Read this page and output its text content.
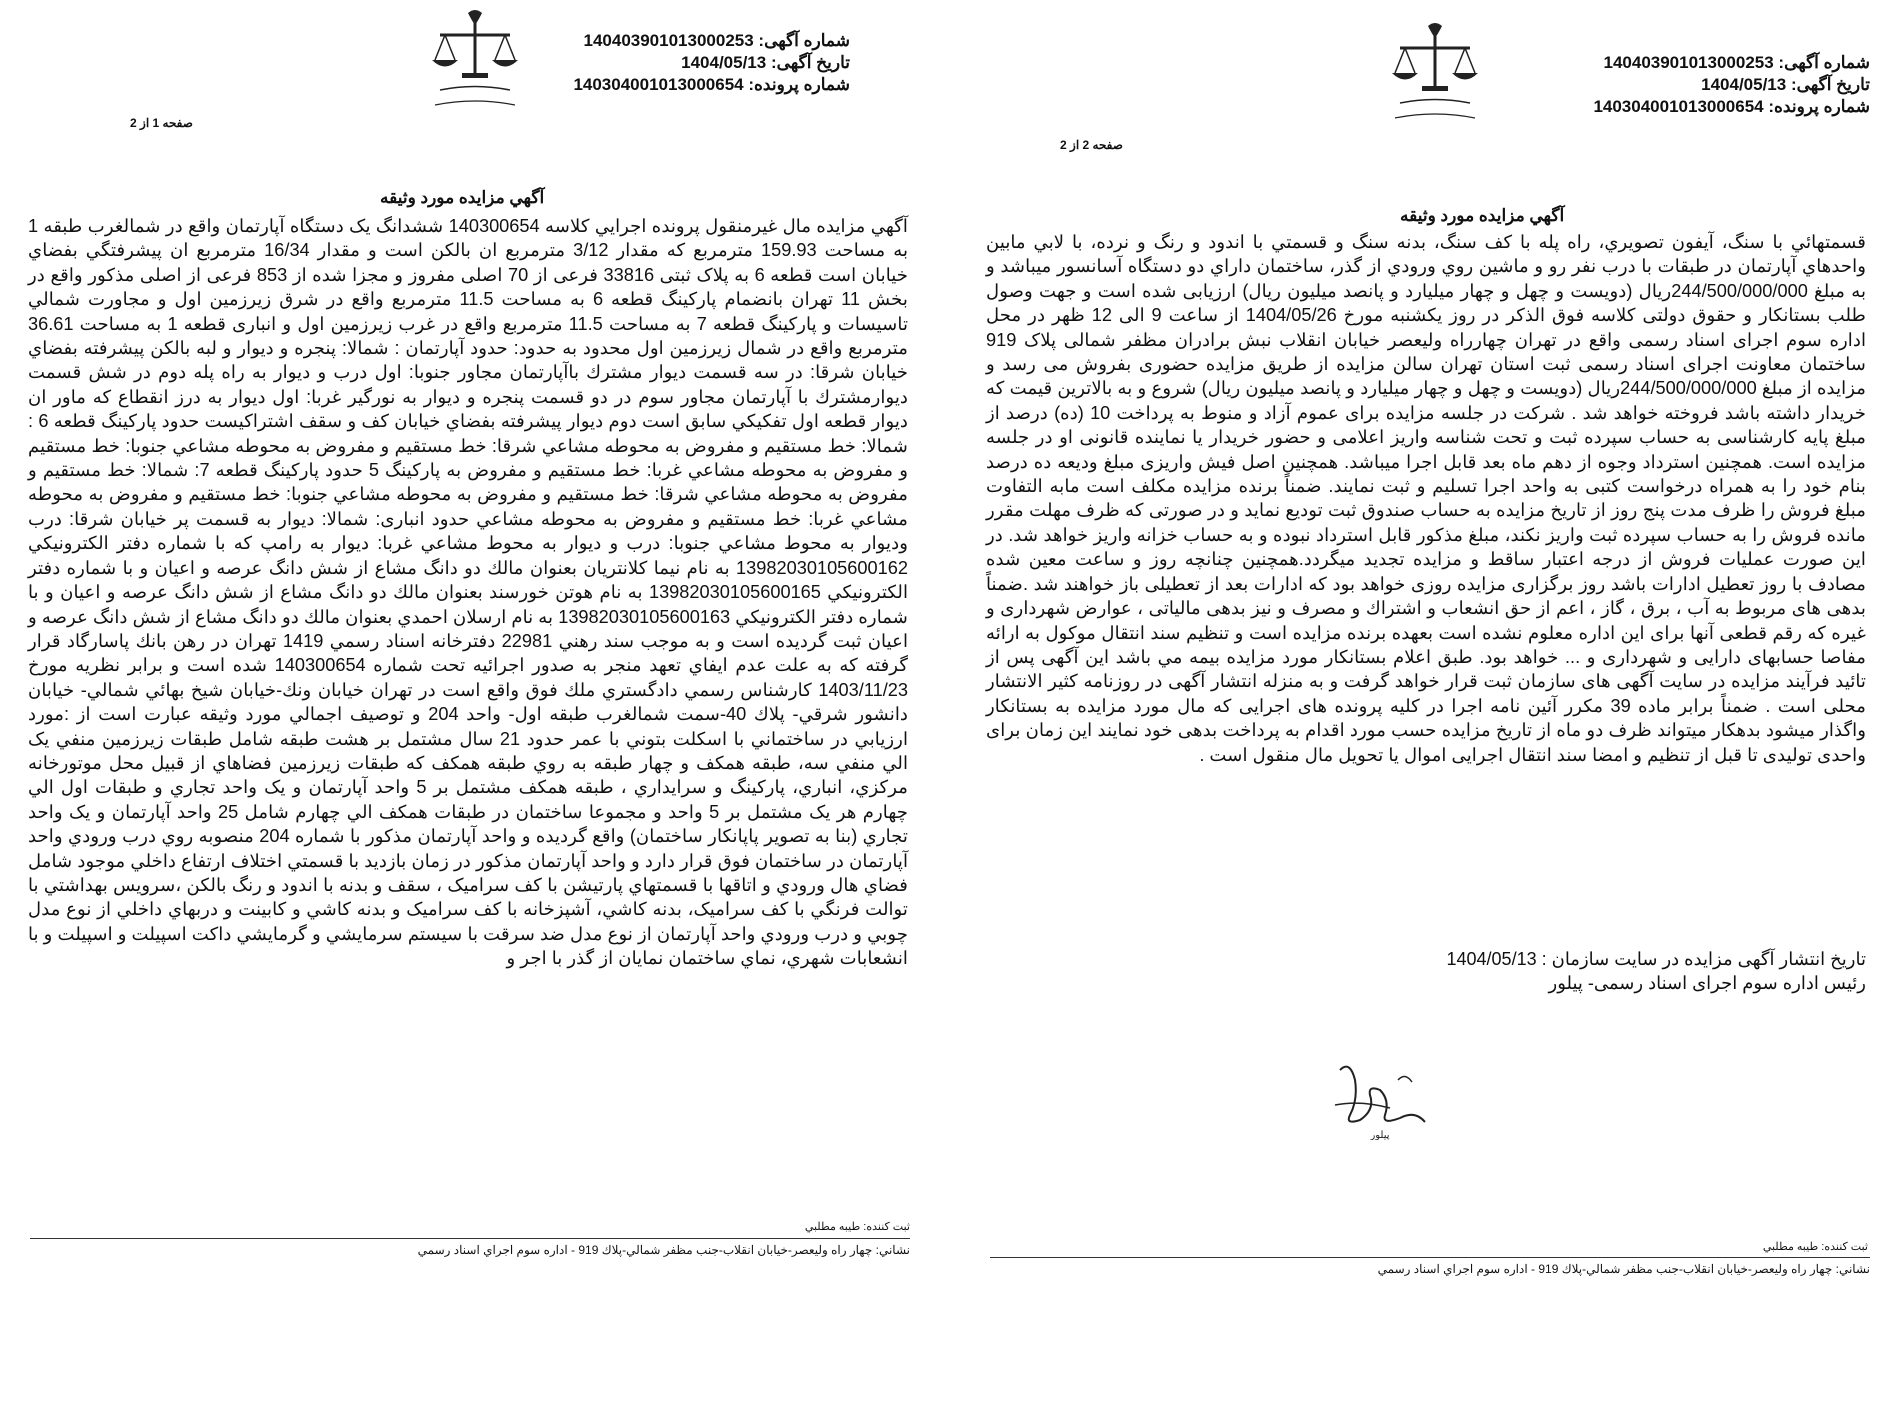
شماره آگهی: 140403901013000253
تاریخ آگهی: 1404/05/13
شماره پرونده: 140304001013000654
صفحه 1 از 2
آگهي مزايده مورد وثيقه
آگهي مزايده مال غيرمنقول پرونده اجرايي كلاسه 140300654 ششدانگ يک دستگاه آپارتمان واقع در شمالغرب طبقه 1 به مساحت 159.93 مترمربع که مقدار 3/12 مترمربع ان بالکن است و مقدار 16/34 مترمربع ان پيشرفتگي بفضاي خيابان است قطعه 6 به پلاک ثبتی 33816 فرعی از 70 اصلی مفروز و مجزا شده از 853 فرعی از اصلی مذکور واقع در بخش 11 تهران بانضمام پارکينگ قطعه 6 به مساحت 11.5 مترمربع واقع در شرق زيرزمين اول و مجاورت شمالي تاسيسات و پارکينگ قطعه 7 به مساحت 11.5 مترمربع واقع در غرب زيرزمين اول و انباری قطعه 1 به مساحت 36.61 مترمربع واقع در شمال زيرزمين اول محدود به حدود: حدود آپارتمان : شمالا: پنجره و ديوار و لبه بالکن پيشرفته بفضاي خيابان شرقا: در سه قسمت ديوار مشترك باآپارتمان مجاور جنوبا: اول درب و ديوار به راه پله دوم در شش قسمت ديوارمشترك با آپارتمان مجاور سوم در دو قسمت پنجره و ديوار به نورگير غربا: اول ديوار به درز انقطاع كه ماور ان ديوار قطعه اول تفكيكي سابق است دوم ديوار پيشرفته بفضاي خيابان كف و سقف اشتراكيست حدود پارکينگ قطعه 6 : شمالا: خط مستقيم و مفروض به محوطه مشاعي شرقا: خط مستقيم و مفروض به محوطه مشاعي جنوبا: خط مستقيم و مفروض به محوطه مشاعي غربا: خط مستقيم و مفروض به پارکينگ 5 حدود پارکينگ قطعه 7: شمالا: خط مستقيم و مفروض به محوطه مشاعي شرقا: خط مستقيم و مفروض به محوطه مشاعي جنوبا: خط مستقيم و مفروض به محوطه مشاعي غربا: خط مستقيم و مفروض به محوطه مشاعي حدود انباری: شمالا: ديوار به قسمت پر خيابان شرقا: درب وديوار به محوط مشاعي جنوبا: درب و ديوار به محوط مشاعي غربا: ديوار به رامپ كه با شماره دفتر الكترونيكي 13982030105600162 به نام نيما كلانتريان بعنوان مالك دو دانگ مشاع از شش دانگ عرصه و اعيان و با شماره دفتر الكترونيكي 13982030105600165 به نام هوتن خورسند بعنوان مالك دو دانگ مشاع از شش دانگ عرصه و اعيان و با شماره دفتر الكترونيكي 13982030105600163 به نام ارسلان احمدي بعنوان مالك دو دانگ مشاع از شش دانگ عرصه و اعيان ثبت گرديده است و به موجب سند رهني 22981 دفترخانه اسناد رسمي 1419 تهران در رهن بانك پاسارگاد قرار گرفته كه به علت عدم ايفاي تعهد منجر به صدور اجرائيه تحت شماره 140300654 شده است و برابر نظريه مورخ 1403/11/23 كارشناس رسمي دادگستري ملك فوق واقع است در تهران خيابان ونك-خيابان شيخ بهائي شمالي- خيابان دانشور شرقي- پلاك 40-سمت شمالغرب طبقه اول- واحد 204 و توصيف اجمالي مورد وثيقه عبارت است از :مورد ارزيابي در ساختماني با اسكلت بتوني با عمر حدود 21 سال مشتمل بر هشت طبقه شامل طبقات زيرزمين منفي يک الي منفي سه، طبقه همكف و چهار طبقه به روي طبقه همكف كه طبقات زيرزمين فضاهاي از قبيل محل موتورخانه مركزي، انباري، پاركينگ و سرايداري ، طبقه همكف مشتمل بر 5 واحد آپارتمان و يک واحد تجاري و طبقات اول الي چهارم هر يک مشتمل بر 5 واحد و مجموعا ساختمان در طبقات همكف الي چهارم شامل 25 واحد آپارتمان و يک واحد تجاري (بنا به تصوير پاپانكار ساختمان) واقع گرديده و واحد آپارتمان مذكور با شماره 204 منصوبه روي درب ورودي واحد آپارتمان در ساختمان فوق قرار دارد و واحد آپارتمان مذكور در زمان بازديد با قسمتي اختلاف ارتفاع داخلي موجود شامل فضاي هال ورودي و اتاقها با قسمتهاي پارتيشن با كف سراميک ، سقف و بدنه با اندود و رنگ بالكن ،سرويس بهداشتي با توالت فرنگي با كف سراميک، بدنه كاشي، آشپزخانه با كف سراميک و بدنه كاشي و كابينت و دربهاي داخلي از نوع مدل چوبي و درب ورودي واحد آپارتمان از نوع مدل ضد سرقت با سيستم سرمايشي و گرمايشي داكت اسپيلت و اسپيلت و با انشعابات شهري، نماي ساختمان نمايان از گذر با اجر و
ثبت كننده: طيبه مطلبي
نشاني: چهار راه وليعصر-خيابان انقلاب-جنب مظفر شمالي-پلاك 919 - اداره سوم اجراي اسناد رسمي
شماره آگهی: 140403901013000253
تاریخ آگهی: 1404/05/13
شماره پرونده: 140304001013000654
صفحه 2 از 2
آگهي مزايده مورد وثيقه
قسمتهائي با سنگ، آيفون تصويري، راه پله با كف سنگ، بدنه سنگ و قسمتي با اندود و رنگ و نرده، با لابي مابين واحدهاي آپارتمان در طبقات با درب نفر رو و ماشين روي ورودي از گذر، ساختمان داراي دو دستگاه آسانسور ميباشد و به مبلغ 244/500/000/000ريال (دويست و چهل و چهار ميليارد و پانصد ميليون ريال) ارزيابی شده است و جهت وصول طلب بستانكار و حقوق دولتی كلاسه فوق الذكر در روز يكشنبه مورخ 1404/05/26 از ساعت 9 الی 12 ظهر در محل اداره سوم اجرای اسناد رسمی واقع در تهران چهارراه وليعصر خيابان انقلاب نبش برادران مظفر شمالی پلاک 919 ساختمان معاونت اجرای اسناد رسمی ثبت استان تهران سالن مزايده از طريق مزايده حضوری بفروش می رسد و مزايده از مبلغ 244/500/000/000ريال (دويست و چهل و چهار ميليارد و پانصد ميليون ريال) شروع و به بالاترين قيمت كه خريدار داشته باشد فروخته خواهد شد . شركت در جلسه مزايده برای عموم آزاد و منوط به پرداخت 10 (ده) درصد از مبلغ پايه كارشناسی به حساب سپرده ثبت و تحت شناسه واريز اعلامی و حضور خريدار يا نماينده قانونی او در جلسه مزايده است. همچنين استرداد وجوه از دهم ماه بعد قابل اجرا ميباشد. همچنين اصل فيش واريزی مبلغ وديعه ده درصد بنام خود را به همراه درخواست كتبی به واحد اجرا تسليم و ثبت نمايند. ضمناً برنده مزايده مكلف است مابه التفاوت مبلغ فروش را ظرف مدت پنج روز از تاريخ مزايده به حساب صندوق ثبت توديع نمايد و در صورتی كه ظرف مهلت مقرر مانده فروش را به حساب سپرده ثبت واريز نكند، مبلغ مذكور قابل استرداد نبوده و به حساب خزانه واريز خواهد شد. در اين صورت عمليات فروش از درجه اعتبار ساقط و مزايده تجديد ميگردد.همچنين چنانچه روز و ساعت معين شده مصادف با روز تعطيل ادارات باشد روز برگزاری مزايده روزی خواهد بود كه ادارات بعد از تعطيلی باز خواهند شد .ضمناً بدهی های مربوط به آب ، برق ، گاز ، اعم از حق انشعاب و اشتراك و مصرف و نيز بدهی مالياتی ، عوارض شهرداری و غيره كه رقم قطعی آنها برای اين اداره معلوم نشده است بعهده برنده مزايده است و تنظيم سند انتقال موكول به ارائه مفاصا حسابهای دارايی و شهرداری و ... خواهد بود. طبق اعلام بستانكار مورد مزايده بيمه مي باشد اين آگهی پس از تائيد فرآيند مزايده در سايت آگهی های سازمان ثبت قرار خواهد گرفت و به منزله انتشار آگهی در روزنامه كثير الانتشار محلی است . ضمناً برابر ماده 39 مكرر آئين نامه اجرا در كليه پرونده های اجرايی كه مال مورد مزايده به بستانكار واگذار ميشود بدهكار ميتواند ظرف دو ماه از تاريخ مزايده حسب مورد اقدام به پرداخت بدهی خود نمايند اين زمان برای واحدی توليدی تا قبل از تنظيم و امضا سند انتقال اجرايی اموال يا تحويل مال منقول است .
تاريخ انتشار آگهی مزايده در سايت سازمان : 1404/05/13
رئيس اداره سوم اجرای اسناد رسمی- پيلور
پيلور
ثبت كننده: طيبه مطلبي
نشاني: چهار راه وليعصر-خيابان انقلاب-جنب مظفر شمالي-پلاك 919 - اداره سوم اجراي اسناد رسمي
